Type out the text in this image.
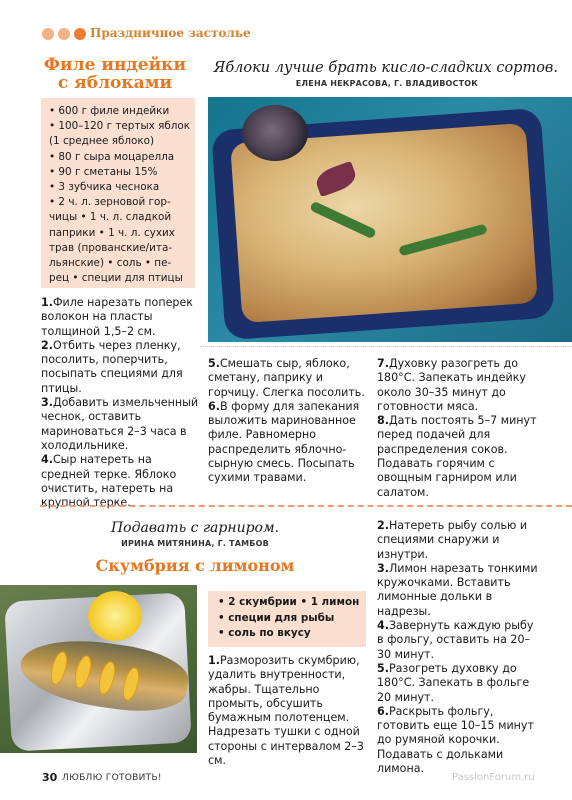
Праздничное застолье
Филе индейки
с яблоками
Яблоки лучше брать кисло-сладких сортов.
ЕЛЕНА НЕКРАСОВА, Г. ВЛАДИВОСТОК
• 600 г филе индейки
• 100–120 г тертых яблок
(1 среднее яблоко)
• 80 г сыра моцарелла
• 90 г сметаны 15%
• 3 зубчика чеснока
• 2 ч. л. зерновой гор-
чицы • 1 ч. л. сладкой
паприки • 1 ч. л. сухих
трав (прованские/ита-
льянские) • соль • пе-
рец • специи для птицы
1.Филе нарезать поперек волокон на пласты толщиной 1,5–2 см.
2.Отбить через пленку, посолить, поперчить, посыпать специями для птицы.
3.Добавить измельченный чеснок, оставить мариноваться 2–3 часа в холодильнике.
4.Сыр натереть на средней терке. Яблоко очистить, натереть на крупной терке.
5.Смешать сыр, яблоко, сметану, паприку и горчицу. Слегка посолить.
6.В форму для запекания выложить маринованное филе. Равномерно распределить яблочно-сырную смесь. Посыпать сухими травами.
7.Духовку разогреть до 180°С. Запекать индейку около 30–35 минут до готовности мяса.
8.Дать постоять 5–7 минут перед подачей для распределения соков. Подавать горячим с овощным гарниром или салатом.
Подавать с гарниром.
ИРИНА МИТЯНИНА, Г. ТАМБОВ
Скумбрия с лимоном
• 2 скумбрии • 1 лимон
• специи для рыбы
• соль по вкусу
1.Разморозить скумбрию, удалить внутренности, жабры. Тщательно промыть, обсушить бумажным полотенцем. Надрезать тушки с одной стороны с интервалом 2–3 см.
2.Натереть рыбу солью и специями снаружи и изнутри.
3.Лимон нарезать тонкими кружочками. Вставить лимонные дольки в надрезы.
4.Завернуть каждую рыбу в фольгу, оставить на 20–30 минут.
5.Разогреть духовку до 180°С. Запекать в фольге 20 минут.
6.Раскрыть фольгу, готовить еще 10–15 минут до румяной корочки. Подавать с дольками лимона.
30 ЛЮБЛЮ ГОТОВИТЬ!	PassionForum.ru
